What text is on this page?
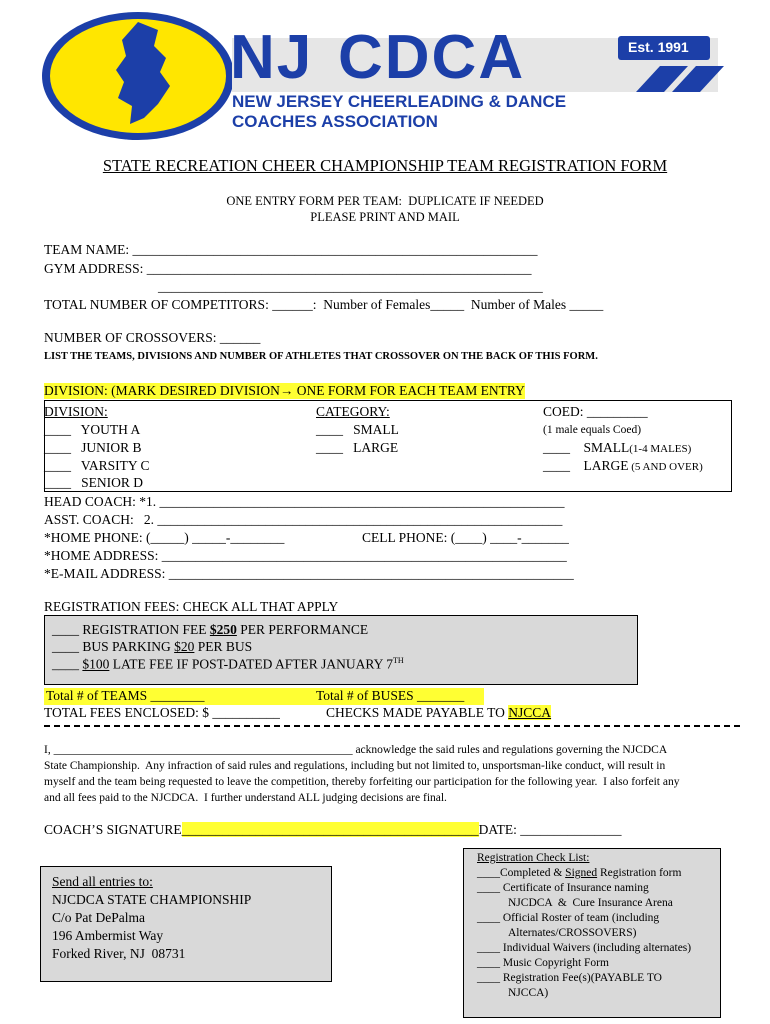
NJ CDCA	Est. 1991
NEW JERSEY CHEERLEADING & DANCE
COACHES ASSOCIATION
STATE RECREATION CHEER CHAMPIONSHIP TEAM REGISTRATION FORM
ONE ENTRY FORM PER TEAM:  DUPLICATE IF NEEDED
PLEASE PRINT AND MAIL
TEAM NAME: ____________________________________________________________
GYM ADDRESS: _________________________________________________________
_________________________________________________________
TOTAL NUMBER OF COMPETITORS: ______:  Number of Females_____  Number of Males _____
NUMBER OF CROSSOVERS: ______
LIST THE TEAMS, DIVISIONS AND NUMBER OF ATHLETES THAT CROSSOVER ON THE BACK OF THIS FORM.
DIVISION: (MARK DESIRED DIVISION→ ONE FORM FOR EACH TEAM ENTRY
DIVISION:
____   YOUTH A
____   JUNIOR B
____   VARSITY C
____   SENIOR D
CATEGORY:
____   SMALL
____   LARGE
COED: _________
(1 male equals Coed)
____ SMALL(1-4 MALES)
____ LARGE (5 AND OVER)
HEAD COACH: *1. ____________________________________________________________
ASST. COACH:   2. ____________________________________________________________
*HOME PHONE: (_____) _____-________	CELL PHONE: (____) ____-_______
*HOME ADDRESS: ____________________________________________________________
*E-MAIL ADDRESS: ____________________________________________________________
REGISTRATION FEES: CHECK ALL THAT APPLY
____ REGISTRATION FEE $250 PER PERFORMANCE
____ BUS PARKING $20 PER BUS
____ $100 LATE FEE IF POST-DATED AFTER JANUARY 7TH
Total # of TEAMS ________	Total # of BUSES _______
TOTAL FEES ENCLOSED: $ __________	CHECKS MADE PAYABLE TO NJCCA
I, ____________________________________________________ acknowledge the said rules and regulations governing the NJCDCA
State Championship.  Any infraction of said rules and regulations, including but not limited to, unsportsman-like conduct, will result in
myself and the team being requested to leave the competition, thereby forfeiting our participation for the following year.  I also forfeit any
and all fees paid to the NJCDCA.  I further understand ALL judging decisions are final.
COACH’S SIGNATURE____________________________________________DATE: _______________
Send all entries to:
NJCDCA STATE CHAMPIONSHIP
C/o Pat DePalma
196 Ambermist Way
Forked River, NJ  08731
Registration Check List:
____Completed & Signed Registration form
____ Certificate of Insurance naming
NJCDCA  &  Cure Insurance Arena
____ Official Roster of team (including
Alternates/CROSSOVERS)
____ Individual Waivers (including alternates)
____ Music Copyright Form
____ Registration Fee(s)(PAYABLE TO
NJCCA)
